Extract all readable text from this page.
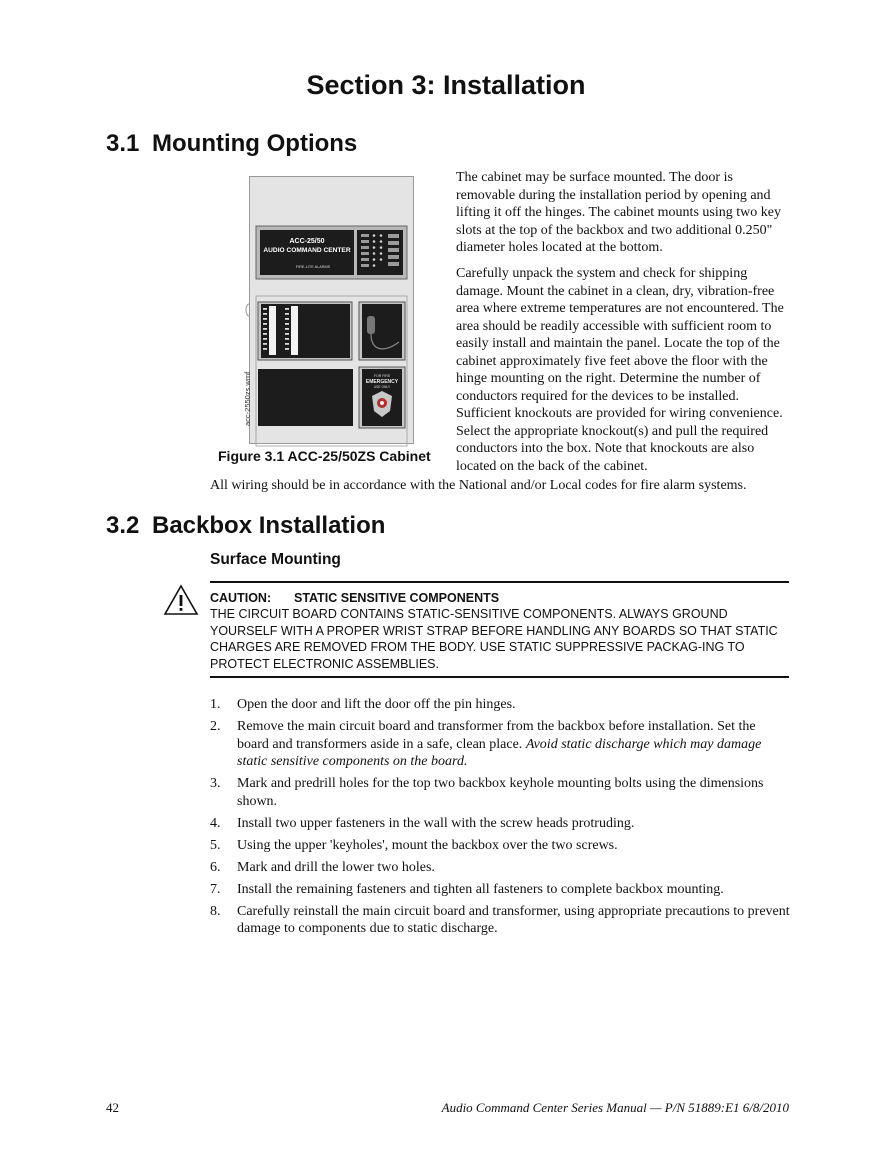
Section 3: Installation
3.1 Mounting Options

The cabinet may be surface mounted. The door is removable during the installation period by opening and lifting it off the hinges. The cabinet mounts using two key slots at the top of the backbox and two additional 0.250" diameter holes located at the bottom.

Carefully unpack the system and check for shipping damage. Mount the cabinet in a clean, dry, vibration-free area where extreme temperatures are not encountered. The area should be readily accessible with sufficient room to easily install and maintain the panel. Locate the top of the cabinet approximately five feet above the floor with the hinge mounting on the right. Determine the number of conductors required for the devices to be installed. Sufficient knockouts are provided for wiring convenience. Select the appropriate knockout(s) and pull the required conductors into the box. Note that knockouts are also located on the back of the cabinet.

ACC-25/50
AUDIO COMMAND CENTER
FIRE-LITE ALARMS
FOR FIRE
EMERGENCY
USE ONLY
acc-2550zs.wmf
Figure 3.1 ACC-25/50ZS Cabinet

All wiring should be in accordance with the National and/or Local codes for fire alarm systems.

3.2 Backbox Installation
Surface Mounting
CAUTION: STATIC SENSITIVE COMPONENTS

THE CIRCUIT BOARD CONTAINS STATIC-SENSITIVE COMPONENTS. ALWAYS GROUND YOURSELF WITH A PROPER WRIST STRAP BEFORE HANDLING ANY BOARDS SO THAT STATIC CHARGES ARE REMOVED FROM THE BODY. USE STATIC SUPPRESSIVE PACKAG-ING TO PROTECT ELECTRONIC ASSEMBLIES.

1. Open the door and lift the door off the pin hinges.
2. Remove the main circuit board and transformer from the backbox before installation. Set the board and transformers aside in a safe, clean place. Avoid static discharge which may damage static sensitive components on the board.
3. Mark and predrill holes for the top two backbox keyhole mounting bolts using the dimensions shown.
4. Install two upper fasteners in the wall with the screw heads protruding.
5. Using the upper 'keyholes', mount the backbox over the two screws.
6. Mark and drill the lower two holes.
7. Install the remaining fasteners and tighten all fasteners to complete backbox mounting.
8. Carefully reinstall the main circuit board and transformer, using appropriate precautions to prevent damage to components due to static discharge.
42	Audio Command Center Series Manual — P/N 51889:E1 6/8/2010
